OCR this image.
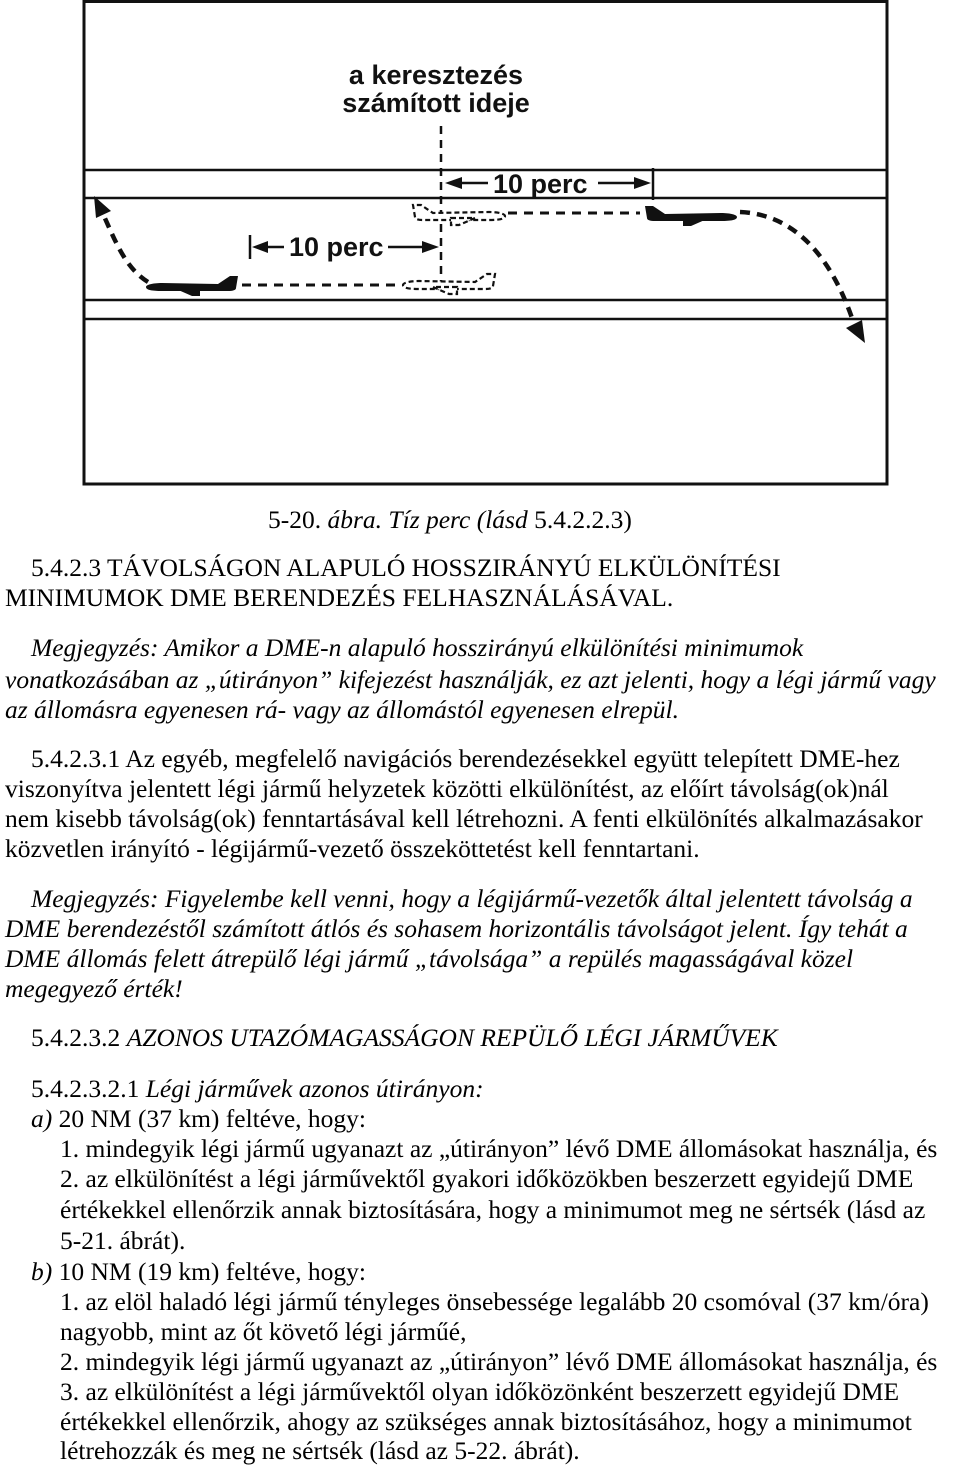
a keresztezés
számított ideje
10 perc
10 perc
5-20. ábra. Tíz perc (lásd 5.4.2.2.3)
5.4.2.3 TÁVOLSÁGON ALAPULÓ HOSSZIRÁNYÚ ELKÜLÖNÍTÉSI
MINIMUMOK DME BERENDEZÉS FELHASZNÁLÁSÁVAL.
Megjegyzés: Amikor a DME-n alapuló hosszirányú elkülönítési minimumok
vonatkozásában az „útirányon” kifejezést használják, ez azt jelenti, hogy a légi jármű vagy
az állomásra egyenesen rá- vagy az állomástól egyenesen elrepül.
5.4.2.3.1 Az egyéb, megfelelő navigációs berendezésekkel együtt telepített DME-hez
viszonyítva jelentett légi jármű helyzetek közötti elkülönítést, az előírt távolság(ok)nál
nem kisebb távolság(ok) fenntartásával kell létrehozni. A fenti elkülönítés alkalmazásakor
közvetlen irányító - légijármű-vezető összeköttetést kell fenntartani.
Megjegyzés: Figyelembe kell venni, hogy a légijármű-vezetők által jelentett távolság a
DME berendezéstől számított átlós és sohasem horizontális távolságot jelent. Így tehát a
DME állomás felett átrepülő légi jármű „távolsága” a repülés magasságával közel
megegyező érték!
5.4.2.3.2 AZONOS UTAZÓMAGASSÁGON REPÜLŐ LÉGI JÁRMŰVEK
5.4.2.3.2.1 Légi járművek azonos útirányon:
a) 20 NM (37 km) feltéve, hogy:
1. mindegyik légi jármű ugyanazt az „útirányon” lévő DME állomásokat használja, és
2. az elkülönítést a légi járművektől gyakori időközökben beszerzett egyidejű DME
értékekkel ellenőrzik annak biztosítására, hogy a minimumot meg ne sértsék (lásd az
5-21. ábrát).
b) 10 NM (19 km) feltéve, hogy:
1. az elöl haladó légi jármű tényleges önsebessége legalább 20 csomóval (37 km/óra)
nagyobb, mint az őt követő légi járműé,
2. mindegyik légi jármű ugyanazt az „útirányon” lévő DME állomásokat használja, és
3. az elkülönítést a légi járművektől olyan időközönként beszerzett egyidejű DME
értékekkel ellenőrzik, ahogy az szükséges annak biztosításához, hogy a minimumot
létrehozzák és meg ne sértsék (lásd az 5-22. ábrát).
